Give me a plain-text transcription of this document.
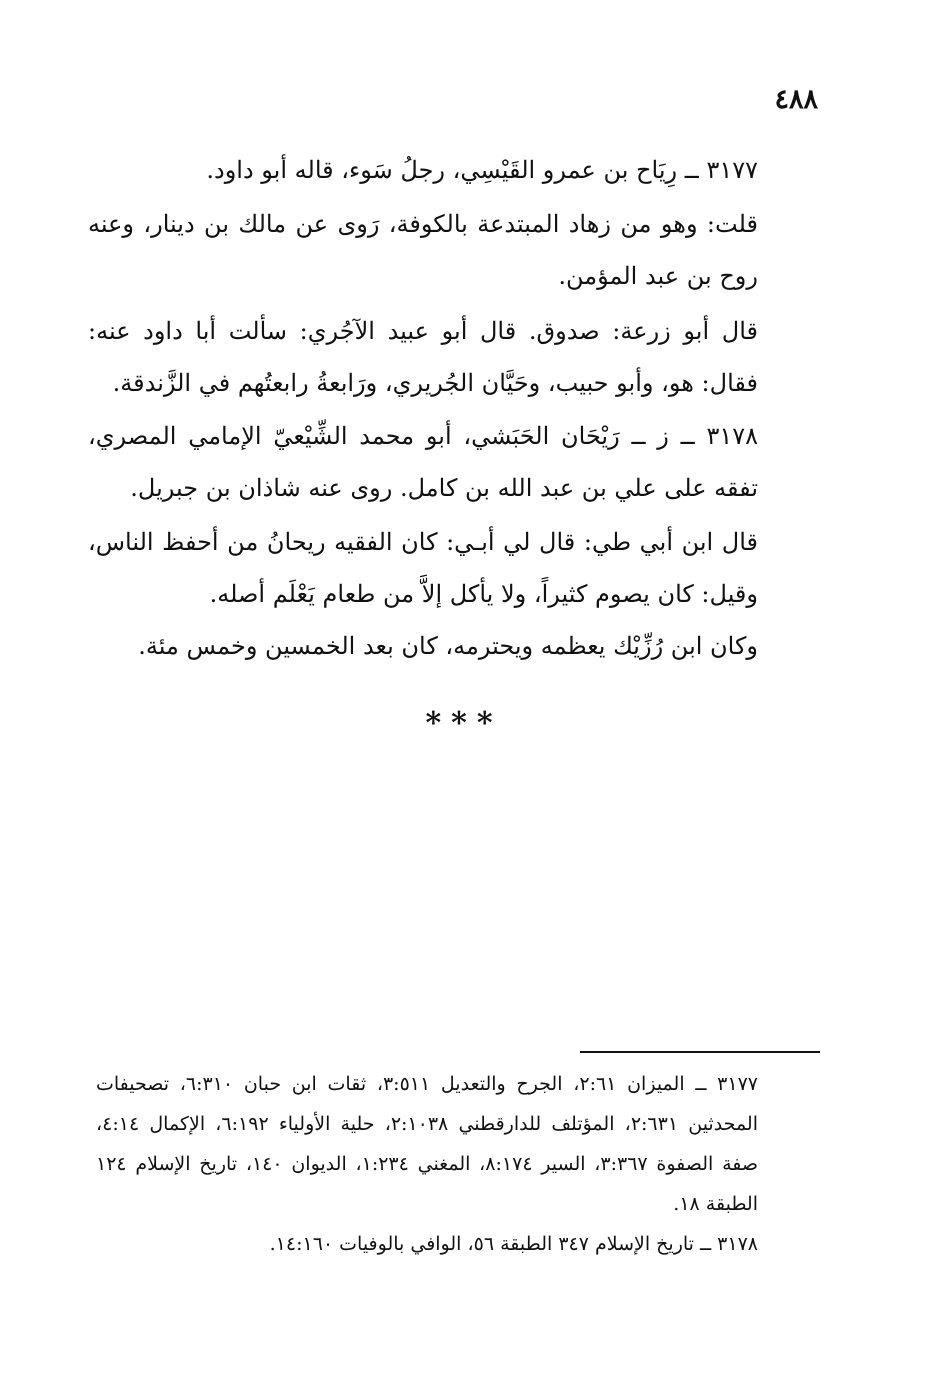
٤٨٨

٣١٧٧ ــ رِيَاح بن عمرو القَيْسِي، رجلُ سَوء، قاله أبو داود.

قلت: وهو من زهاد المبتدعة بالكوفة، رَوى عن مالك بن دينار، وعنه روح بن عبد المؤمن.

قال أبو زرعة: صدوق. قال أبو عبيد الآجُري: سألت أبا داود عنه: فقال: هو، وأبو حبيب، وحَيَّان الجُريري، ورَابعةُ رابعتُهم في الزَّندقة.

٣١٧٨ ــ ز ــ رَيْحَان الحَبَشي، أبو محمد الشِّيْعيّ الإمامي المصري، تفقه على علي بن عبد الله بن كامل. روى عنه شاذان بن جبريل.

قال ابن أبي طي: قال لي أبـي: كان الفقيه ريحانُ من أحفظ الناس، وقيل: كان يصوم كثيراً، ولا يأكل إلاَّ من طعام يَعْلَم أصله.

وكان ابن رُزِّيْك يعظمه ويحترمه، كان بعد الخمسين وخمس مئة.

***

٣١٧٧ ــ الميزان ٢:٦١، الجرح والتعديل ٣:٥١١، ثقات ابن حبان ٦:٣١٠، تصحيفات المحدثين ٢:٦٣١، المؤتلف للدارقطني ٢:١٠٣٨، حلية الأولياء ٦:١٩٢، الإكمال ٤:١٤، صفة الصفوة ٣:٣٦٧، السير ٨:١٧٤، المغني ١:٢٣٤، الديوان ١٤٠، تاريخ الإسلام ١٢٤ الطبقة ١٨.

٣١٧٨ ــ تاريخ الإسلام ٣٤٧ الطبقة ٥٦، الوافي بالوفيات ١٤:١٦٠.
